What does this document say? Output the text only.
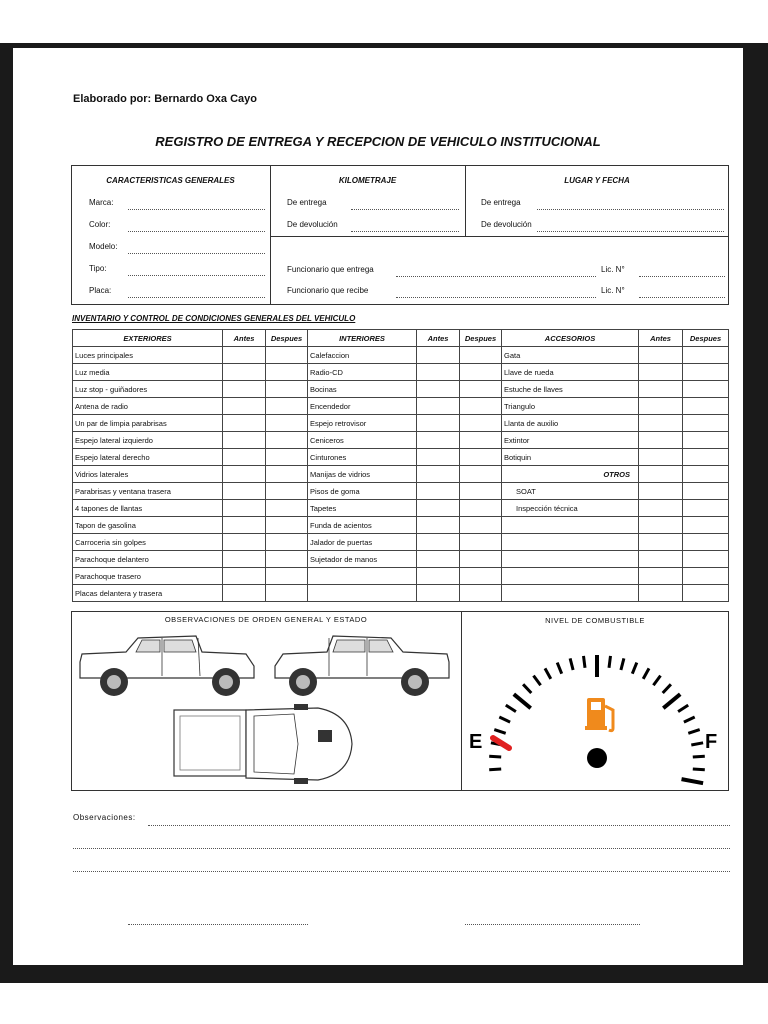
Elaborado por: Bernardo Oxa Cayo
REGISTRO DE ENTREGA Y RECEPCION DE VEHICULO INSTITUCIONAL
CARACTERISTICAS GENERALES	KILOMETRAJE	LUGAR Y FECHA
Marca:
Color:
Modelo:
Tipo:
Placa:
De entrega
De devolución
De entrega
De devolución
Funcionario que entrega	Lic. N°
Funcionario que recibe	Lic. N°
INVENTARIO Y CONTROL DE CONDICIONES GENERALES DEL VEHICULO
EXTERIORES	Antes	Despues	INTERIORES	Antes	Despues	ACCESORIOS	Antes	Despues
Luces principales			Calefaccion			Gata		
Luz media			Radio-CD			Llave de rueda		
Luz stop - guiñadores			Bocinas			Estuche de llaves		
Antena de radio			Encendedor			Triangulo		
Un par de limpia parabrisas			Espejo retrovisor			Llanta de auxilio		
Espejo lateral izquierdo			Ceniceros			Extintor		
Espejo lateral derecho			Cinturones			Botiquin		
Vidrios laterales			Manijas de vidrios			OTROS		
Parabrisas y ventana trasera			Pisos de goma			SOAT		
4 tapones de llantas			Tapetes			Inspección técnica		
Tapon de gasolina			Funda de acientos					
Carroceria sin golpes			Jalador de puertas					
Parachoque delantero			Sujetador de manos					
Parachoque trasero								
Placas delantera y trasera								
OBSERVACIONES DE ORDEN GENERAL Y ESTADO	NIVEL DE COMBUSTIBLE
E	F
Observaciones:
